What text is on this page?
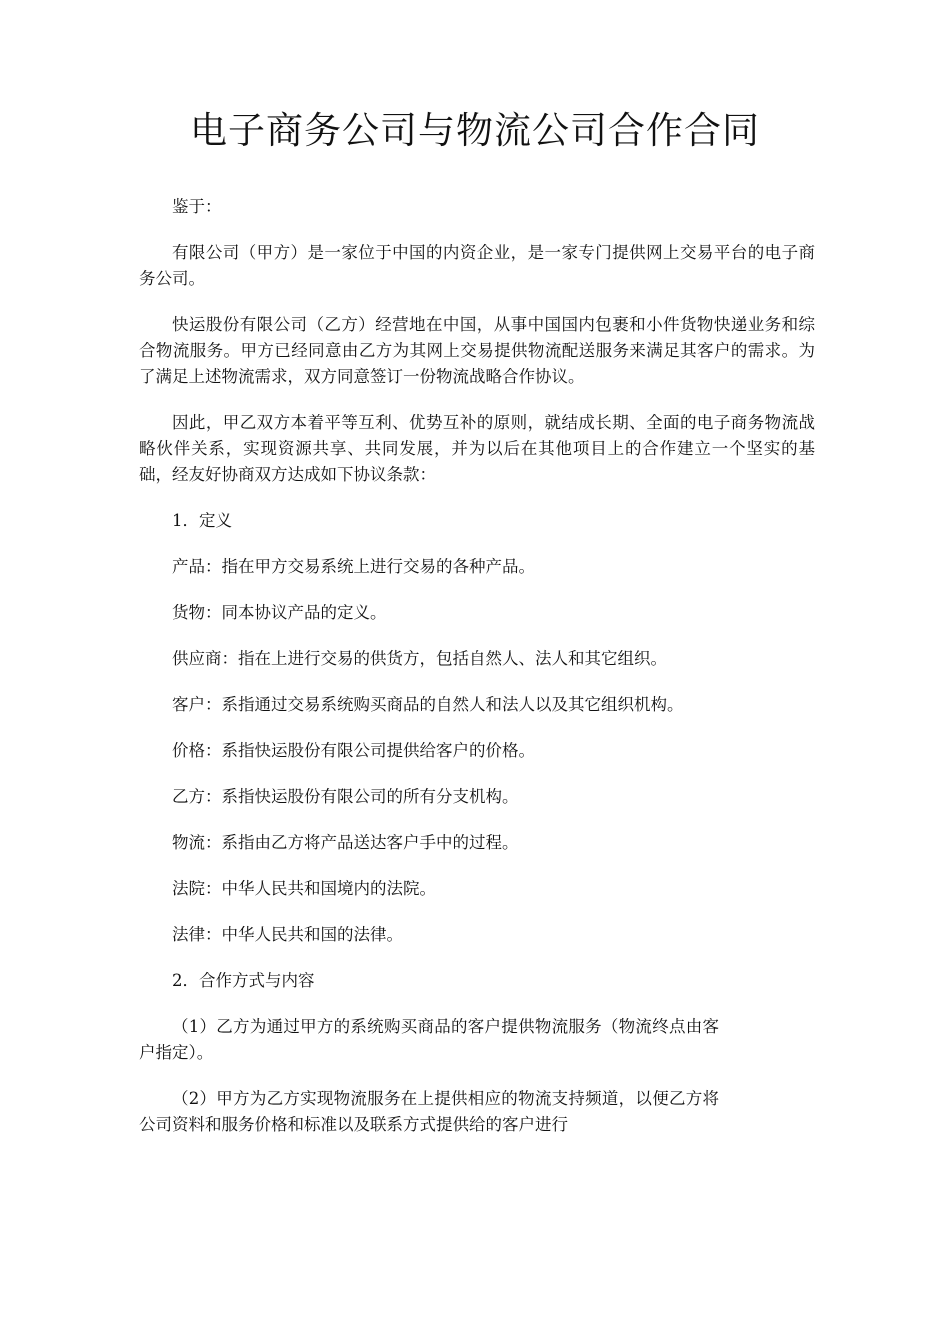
电子商务公司与物流公司合作合同

鉴于：

有限公司（甲方）是一家位于中国的内资企业，是一家专门提供网上交易平台的电子商务公司。

快运股份有限公司（乙方）经营地在中国，从事中国国内包裹和小件货物快递业务和综合物流服务。甲方已经同意由乙方为其网上交易提供物流配送服务来满足其客户的需求。为了满足上述物流需求，双方同意签订一份物流战略合作协议。

因此，甲乙双方本着平等互利、优势互补的原则，就结成长期、全面的电子商务物流战略伙伴关系，实现资源共享、共同发展，并为以后在其他项目上的合作建立一个坚实的基础，经友好协商双方达成如下协议条款：

1．定义

产品：指在甲方交易系统上进行交易的各种产品。

货物：同本协议产品的定义。

供应商：指在上进行交易的供货方，包括自然人、法人和其它组织。

客户：系指通过交易系统购买商品的自然人和法人以及其它组织机构。

价格：系指快运股份有限公司提供给客户的价格。

乙方：系指快运股份有限公司的所有分支机构。

物流：系指由乙方将产品送达客户手中的过程。

法院：中华人民共和国境内的法院。

法律：中华人民共和国的法律。

2．合作方式与内容

（1）乙方为通过甲方的系统购买商品的客户提供物流服务（物流终点由客户指定）。

（2）甲方为乙方实现物流服务在上提供相应的物流支持频道，以便乙方将公司资料和服务价格和标准以及联系方式提供给的客户进行
